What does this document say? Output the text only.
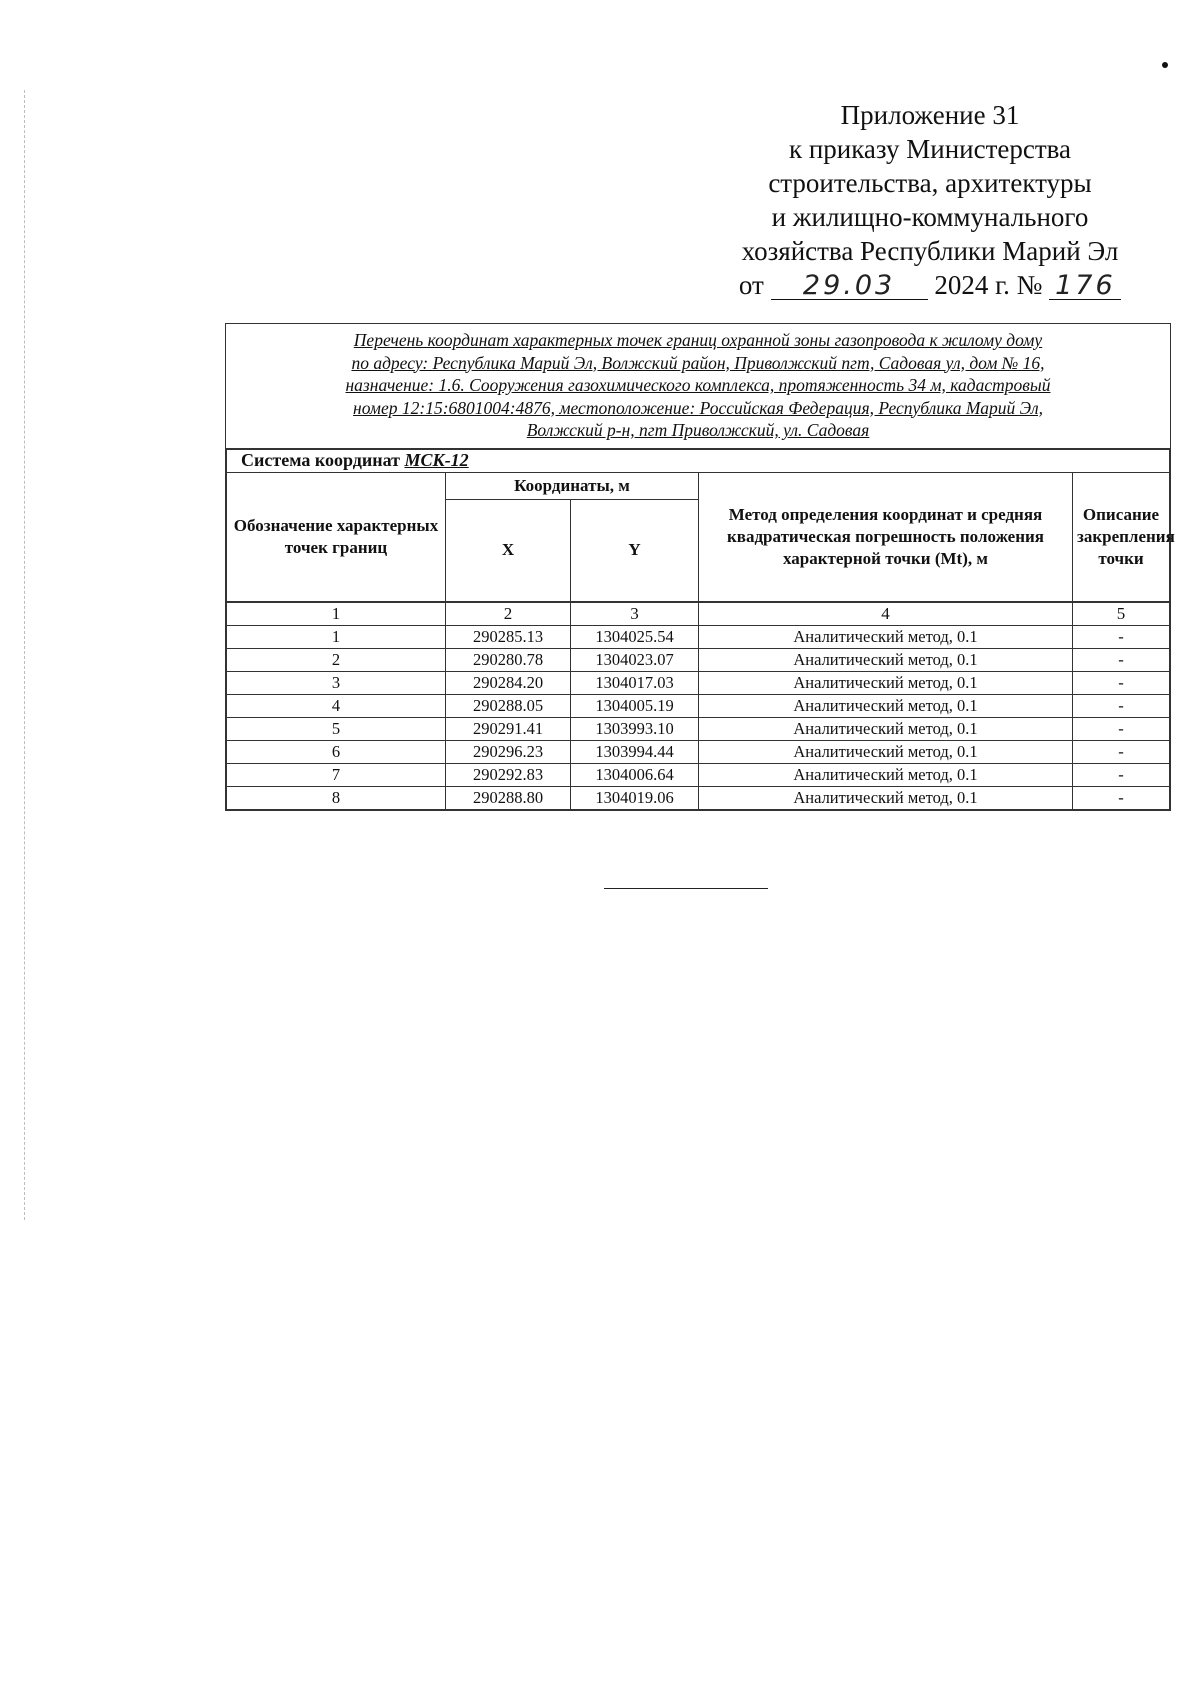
Приложение 31
к приказу Министерства
строительства, архитектуры
и жилищно-коммунального
хозяйства Республики Марий Эл
от 29.03 2024 г. № 176
Перечень координат характерных точек границ охранной зоны газопровода к жилому дому
по адресу: Республика Марий Эл, Волжский район, Приволжский пгт, Садовая ул, дом № 16,
назначение: 1.6. Сооружения газохимического комплекса, протяженность 34 м, кадастровый
номер 12:15:6801004:4876, местоположение: Российская Федерация, Республика Марий Эл,
Волжский р-н, пгт Приволжский, ул. Садовая
Система координат МСК-12				
Обозначение характерных точек границ	Координаты, м		Метод определения координат и средняя квадратическая погрешность положения характерной точки (Mt), м	Описание закрепления точки
	X	Y		
1	2	3	4	5
1	290285.13	1304025.54	Аналитический метод, 0.1	-
2	290280.78	1304023.07	Аналитический метод, 0.1	-
3	290284.20	1304017.03	Аналитический метод, 0.1	-
4	290288.05	1304005.19	Аналитический метод, 0.1	-
5	290291.41	1303993.10	Аналитический метод, 0.1	-
6	290296.23	1303994.44	Аналитический метод, 0.1	-
7	290292.83	1304006.64	Аналитический метод, 0.1	-
8	290288.80	1304019.06	Аналитический метод, 0.1	-
